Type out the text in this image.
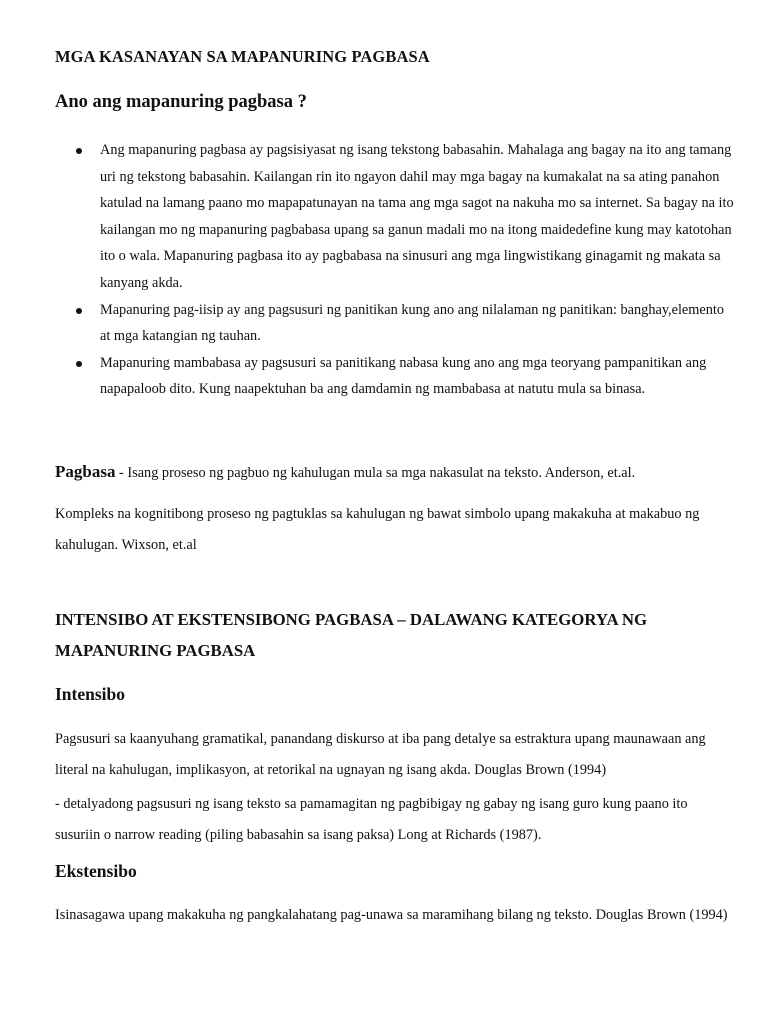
MGA KASANAYAN SA MAPANURING PAGBASA
Ano ang mapanuring pagbasa ?
Ang mapanuring pagbasa ay pagsisiyasat ng isang tekstong babasahin. Mahalaga ang bagay na ito ang tamang uri ng tekstong babasahin. Kailangan rin ito ngayon dahil may mga bagay na kumakalat na sa ating panahon katulad na lamang paano mo mapapatunayan na tama ang mga sagot na nakuha mo sa internet. Sa bagay na ito kailangan mo ng mapanuring pagbabasa upang sa ganun madali mo na itong maidedefine kung may katotohan ito o wala. Mapanuring pagbasa ito ay pagbabasa na sinusuri ang mga lingwistikang ginagamit ng makata sa kanyang akda.
Mapanuring pag-iisip ay ang pagsusuri ng panitikan kung ano ang nilalaman ng panitikan: banghay,elemento at mga katangian ng tauhan.
Mapanuring mambabasa ay pagsusuri sa panitikang nabasa kung ano ang mga teoryang pampanitikan ang napapaloob dito. Kung naapektuhan ba ang damdamin ng mambabasa at natutu mula sa binasa.

Pagbasa - Isang proseso ng pagbuo ng kahulugan mula sa mga nakasulat na teksto. Anderson, et.al.

Kompleks na kognitibong proseso ng pagtuklas sa kahulugan ng bawat simbolo upang makakuha at makabuo ng kahulugan. Wixson, et.al

INTENSIBO AT EKSTENSIBONG PAGBASA – DALAWANG KATEGORYA NG MAPANURING PAGBASA
Intensibo

Pagsusuri sa kaanyuhang gramatikal, panandang diskurso at iba pang detalye sa estraktura upang maunawaan ang literal na kahulugan, implikasyon, at retorikal na ugnayan ng isang akda. Douglas Brown (1994)

- detalyadong pagsusuri ng isang teksto sa pamamagitan ng pagbibigay ng gabay ng isang guro kung paano ito susuriin o narrow reading (piling babasahin sa isang paksa) Long at Richards (1987).

Ekstensibo

Isinasagawa upang makakuha ng pangkalahatang pag-unawa sa maramihang bilang ng teksto. Douglas Brown (1994)
